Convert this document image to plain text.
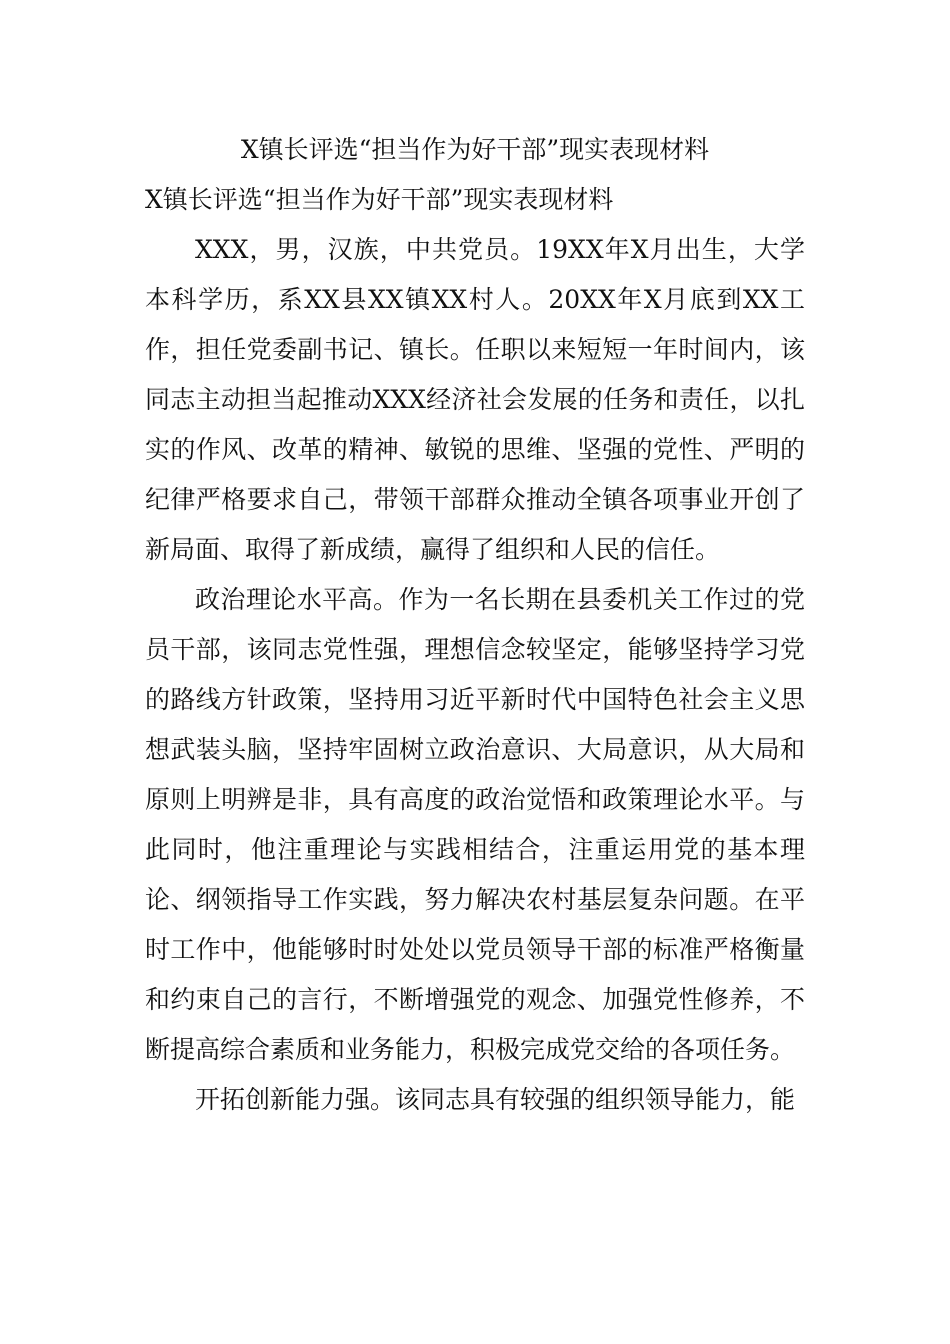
X镇长评选“担当作为好干部”现实表现材料
X镇长评选“担当作为好干部”现实表现材料

XXX，男，汉族，中共党员。19XX年X月出生，大学本科学历，系XX县XX镇XX村人。20XX年X月底到XX工作，担任党委副书记、镇长。任职以来短短一年时间内，该同志主动担当起推动XXX经济社会发展的任务和责任，以扎实的作风、改革的精神、敏锐的思维、坚强的党性、严明的纪律严格要求自己，带领干部群众推动全镇各项事业开创了新局面、取得了新成绩，赢得了组织和人民的信任。

政治理论水平高。作为一名长期在县委机关工作过的党员干部，该同志党性强，理想信念较坚定，能够坚持学习党的路线方针政策，坚持用习近平新时代中国特色社会主义思想武装头脑，坚持牢固树立政治意识、大局意识，从大局和原则上明辨是非，具有高度的政治觉悟和政策理论水平。与此同时，他注重理论与实践相结合，注重运用党的基本理论、纲领指导工作实践，努力解决农村基层复杂问题。在平时工作中，他能够时时处处以党员领导干部的标准严格衡量和约束自己的言行，不断增强党的观念、加强党性修养，不断提高综合素质和业务能力，积极完成党交给的各项任务。

开拓创新能力强。该同志具有较强的组织领导能力，能
